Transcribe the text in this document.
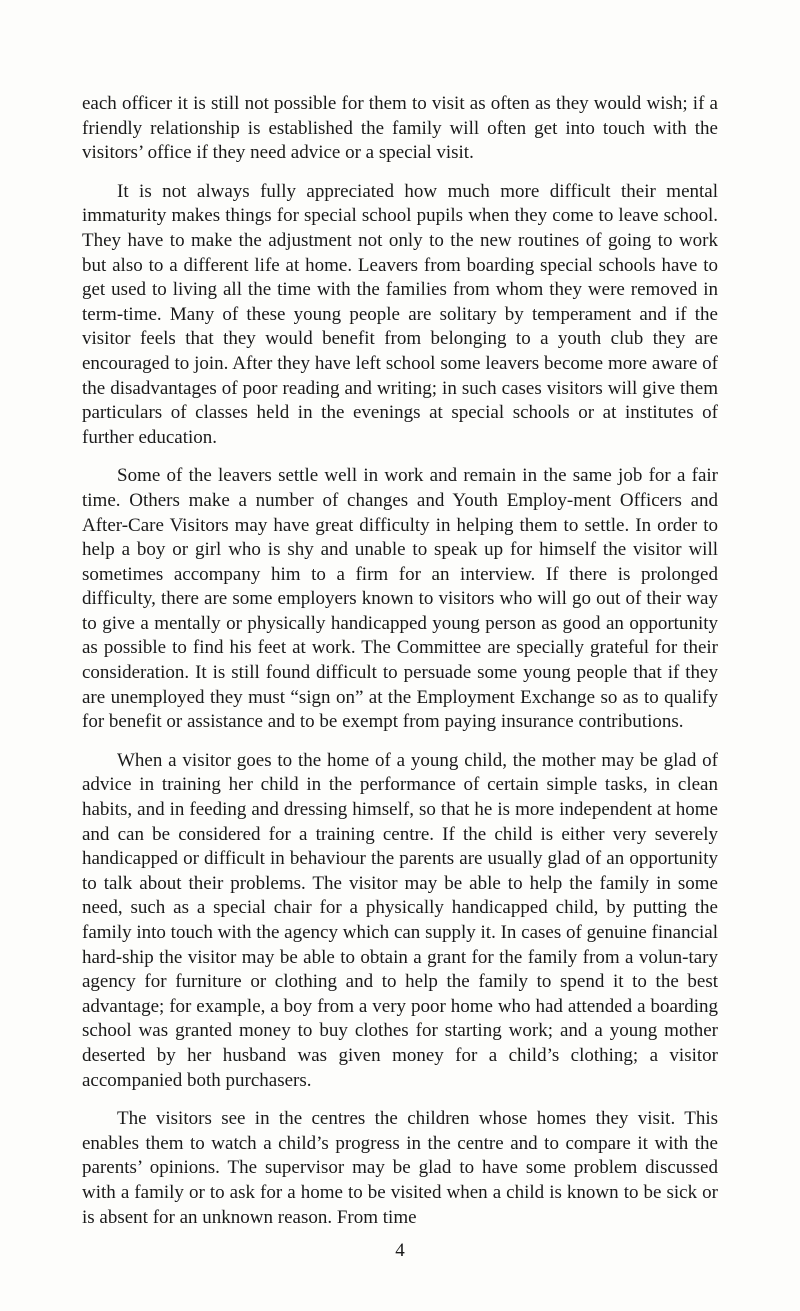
each officer it is still not possible for them to visit as often as they would wish; if a friendly relationship is established the family will often get into touch with the visitors’ office if they need advice or a special visit.

It is not always fully appreciated how much more difficult their mental immaturity makes things for special school pupils when they come to leave school. They have to make the adjustment not only to the new routines of going to work but also to a different life at home. Leavers from boarding special schools have to get used to living all the time with the families from whom they were removed in term-time. Many of these young people are solitary by temperament and if the visitor feels that they would benefit from belonging to a youth club they are encouraged to join. After they have left school some leavers become more aware of the disadvantages of poor reading and writing; in such cases visitors will give them particulars of classes held in the evenings at special schools or at institutes of further education.

Some of the leavers settle well in work and remain in the same job for a fair time. Others make a number of changes and Youth Employ-ment Officers and After-Care Visitors may have great difficulty in helping them to settle. In order to help a boy or girl who is shy and unable to speak up for himself the visitor will sometimes accompany him to a firm for an interview. If there is prolonged difficulty, there are some employers known to visitors who will go out of their way to give a mentally or physically handicapped young person as good an opportunity as possible to find his feet at work. The Committee are specially grateful for their consideration. It is still found difficult to persuade some young people that if they are unemployed they must “sign on” at the Employment Exchange so as to qualify for benefit or assistance and to be exempt from paying insurance contributions.

When a visitor goes to the home of a young child, the mother may be glad of advice in training her child in the performance of certain simple tasks, in clean habits, and in feeding and dressing himself, so that he is more independent at home and can be considered for a training centre. If the child is either very severely handicapped or difficult in behaviour the parents are usually glad of an opportunity to talk about their problems. The visitor may be able to help the family in some need, such as a special chair for a physically handicapped child, by putting the family into touch with the agency which can supply it. In cases of genuine financial hard-ship the visitor may be able to obtain a grant for the family from a volun-tary agency for furniture or clothing and to help the family to spend it to the best advantage; for example, a boy from a very poor home who had attended a boarding school was granted money to buy clothes for starting work; and a young mother deserted by her husband was given money for a child’s clothing; a visitor accompanied both purchasers.

The visitors see in the centres the children whose homes they visit. This enables them to watch a child’s progress in the centre and to compare it with the parents’ opinions. The supervisor may be glad to have some problem discussed with a family or to ask for a home to be visited when a child is known to be sick or is absent for an unknown reason. From time

4
